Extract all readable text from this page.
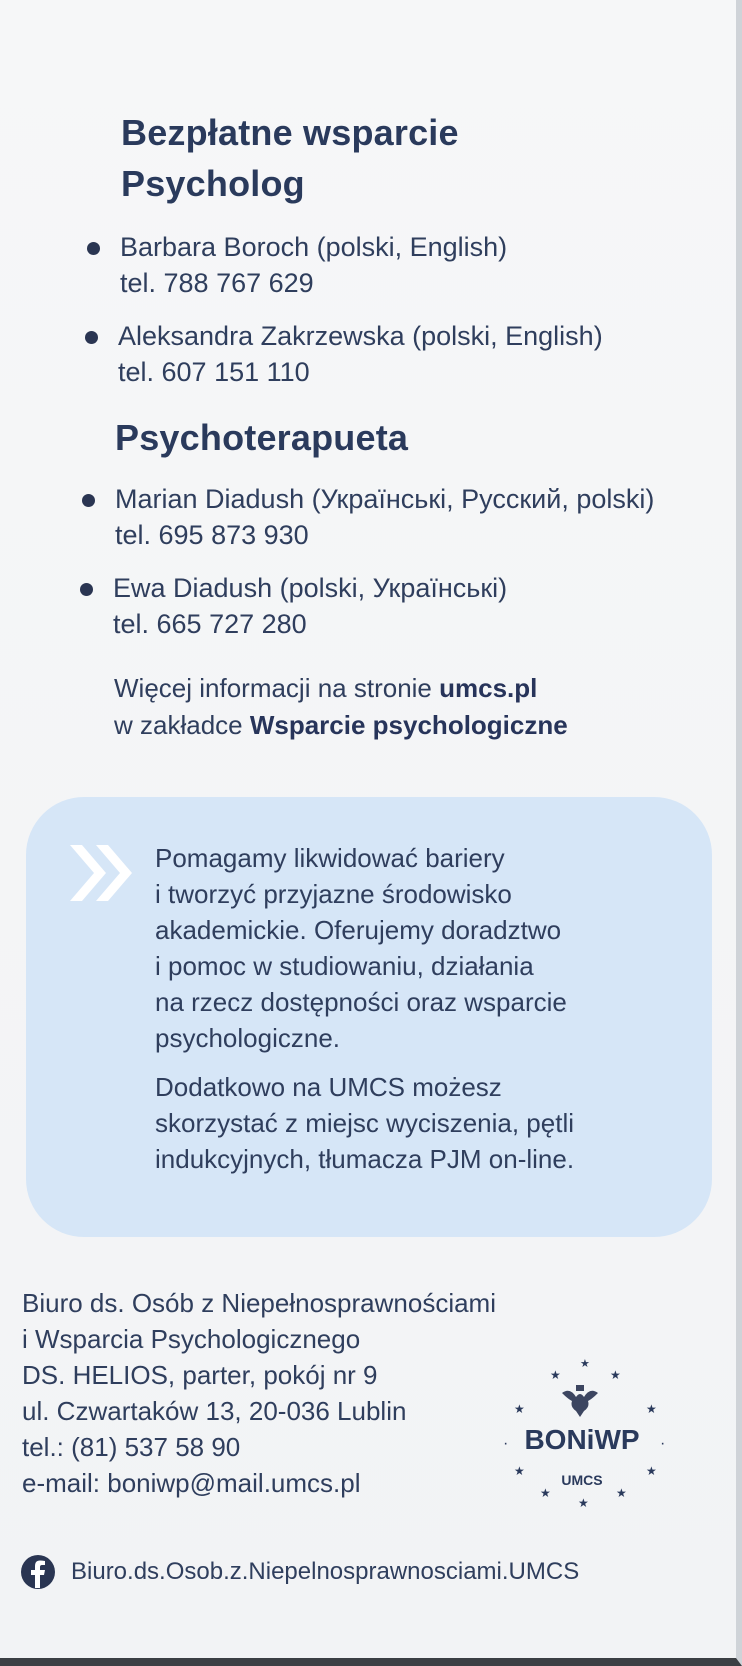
Bezpłatne wsparcie
Psycholog
Barbara Boroch (polski, English)
tel. 788 767 629
Aleksandra Zakrzewska (polski, English)
tel. 607 151 110
Psychoterapueta
Marian Diadush (Українські, Русский, polski)
tel. 695 873 930
Ewa Diadush (polski, Українські)
tel. 665 727 280
Więcej informacji na stronie umcs.pl
w zakładce Wsparcie psychologiczne

Pomagamy likwidować bariery
i tworzyć przyjazne środowisko
akademickie. Oferujemy doradztwo
i pomoc w studiowaniu, działania
na rzecz dostępności oraz wsparcie
psychologiczne.

Dodatkowo na UMCS możesz
skorzystać z miejsc wyciszenia, pętli
indukcyjnych, tłumacza PJM on-line.

Biuro ds. Osób z Niepełnosprawnościami
i Wsparcia Psychologicznego
DS. HELIOS, parter, pokój nr 9
ul. Czwartaków 13, 20-036 Lublin
tel.: (81) 537 58 90
e-mail: boniwp@mail.umcs.pl
★	★
★	★
★	★
★	★
★
★
BONiWP
·	·
UMCS
Biuro.ds.Osob.z.Niepelnosprawnosciami.UMCS
